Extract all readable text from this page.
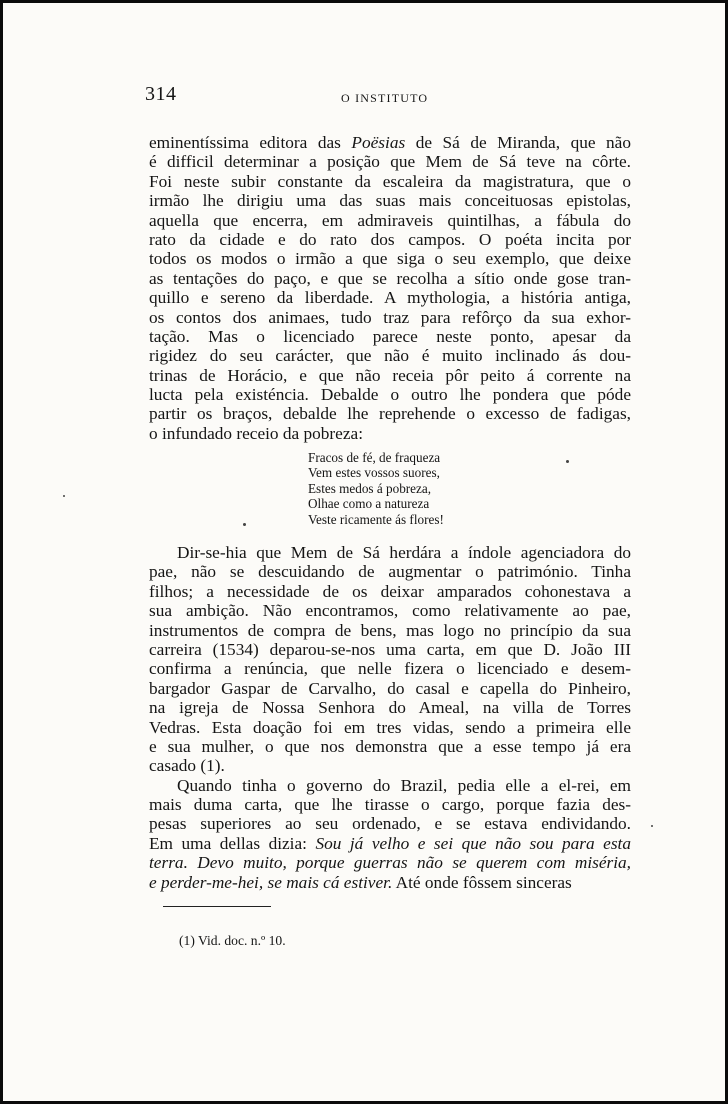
314	O INSTITUTO
eminentíssima editora das Poësias de Sá de Miranda, que não
é difficil determinar a posição que Mem de Sá teve na côrte.
Foi neste subir constante da escaleira da magistratura, que o
irmão lhe dirigiu uma das suas mais conceituosas epistolas,
aquella que encerra, em admiraveis quintilhas, a fábula do
rato da cidade e do rato dos campos. O poéta incita por
todos os modos o irmão a que siga o seu exemplo, que deixe
as tentações do paço, e que se recolha a sítio onde gose tran-
quillo e sereno da liberdade. A mythologia, a história antiga,
os contos dos animaes, tudo traz para refôrço da sua exhor-
tação. Mas o licenciado parece neste ponto, apesar da
rigidez do seu carácter, que não é muito inclinado ás dou-
trinas de Horácio, e que não receia pôr peito á corrente na
lucta pela existéncia. Debalde o outro lhe pondera que póde
partir os braços, debalde lhe reprehende o excesso de fadigas,
o infundado receio da pobreza:
Fracos de fé, de fraqueza
Vem estes vossos suores,
Estes medos á pobreza,
Olhae como a natureza
Veste ricamente ás flores!
Dir-se-hia que Mem de Sá herdára a índole agenciadora do
pae, não se descuidando de augmentar o património. Tinha
filhos; a necessidade de os deixar amparados cohonestava a
sua ambição. Não encontramos, como relativamente ao pae,
instrumentos de compra de bens, mas logo no princípio da sua
carreira (1534) deparou-se-nos uma carta, em que D. João III
confirma a renúncia, que nelle fizera o licenciado e desem-
bargador Gaspar de Carvalho, do casal e capella do Pinheiro,
na igreja de Nossa Senhora do Ameal, na villa de Torres
Vedras. Esta doação foi em tres vidas, sendo a primeira elle
e sua mulher, o que nos demonstra que a esse tempo já era
casado (1).
Quando tinha o governo do Brazil, pedia elle a el-rei, em
mais duma carta, que lhe tirasse o cargo, porque fazia des-
pesas superiores ao seu ordenado, e se estava endividando.
Em uma dellas dizia: Sou já velho e sei que não sou para esta
terra. Devo muito, porque guerras não se querem com miséria,
e perder-me-hei, se mais cá estiver. Até onde fôssem sinceras
(1) Vid. doc. n.º 10.
